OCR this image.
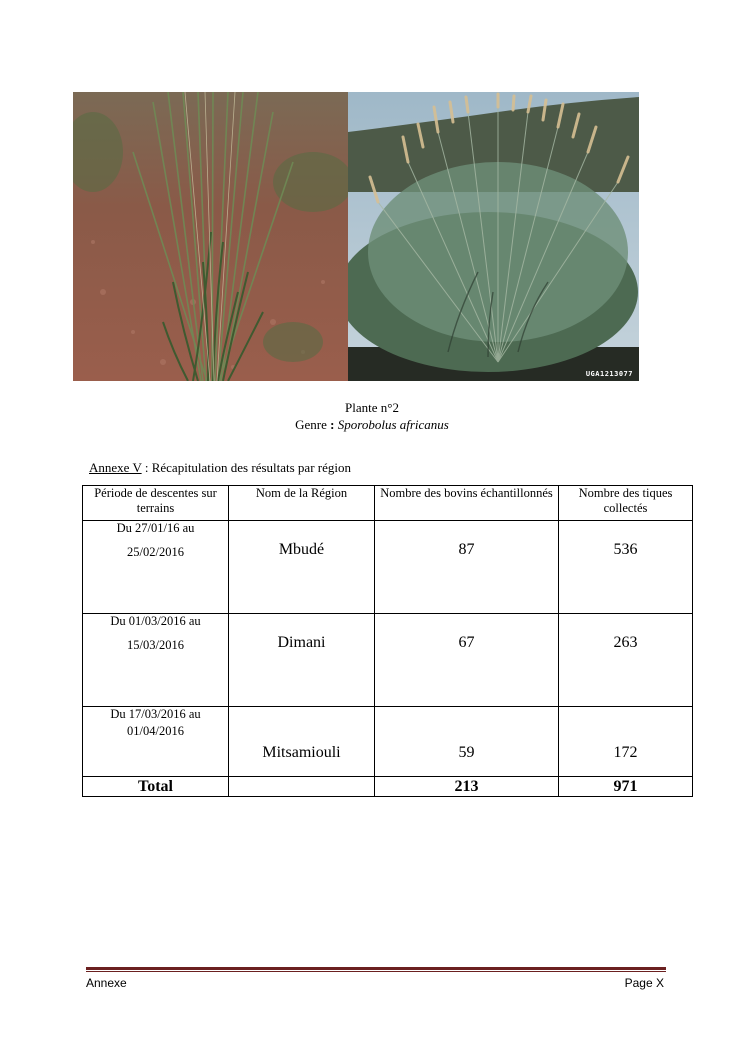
UGA1213077
Plante n°2
Genre : Sporobolus africanus
Annexe V : Récapitulation des résultats par région
Période de descentes sur terrains	Nom de la Région	Nombre des bovins échantillonnés	Nombre des tiques collectés

Du 27/01/16 au
25/02/2016	Mbudé	87	536

Du 01/03/2016 au
15/03/2016	Dimani	67	263

Du 17/03/2016 au
01/04/2016	Mitsamiouli	59	172
Total		213	971
Annexe	Page X
